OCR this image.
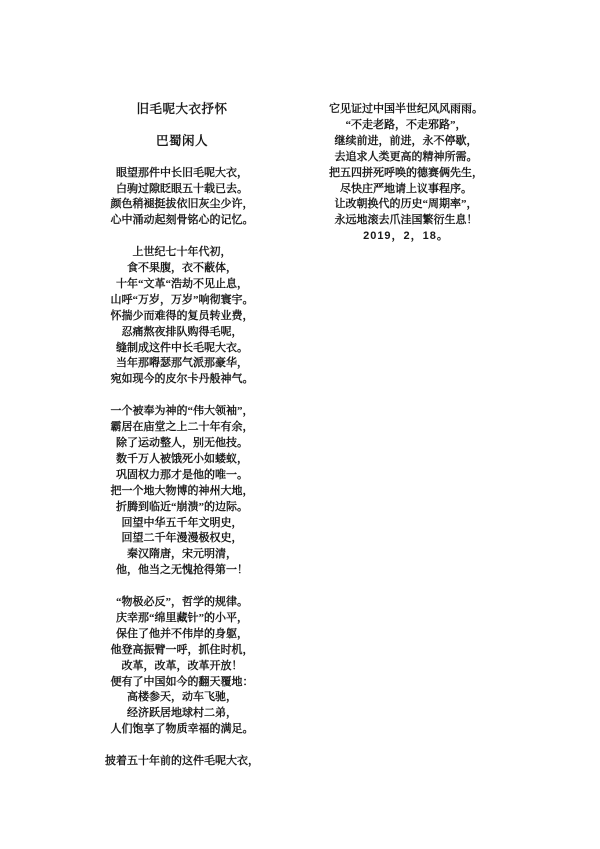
旧毛呢大衣抒怀
巴蜀闲人
眼望那件中长旧毛呢大衣，
白驹过隙眨眼五十载已去。
颜色稍褪挺拔依旧灰尘少许，
心中涌动起刻骨铭心的记忆。
上世纪七十年代初，
食不果腹，衣不蔽体，
十年“文革“浩劫不见止息，
山呼“万岁，万岁”响彻寰宇。
怀揣少而难得的复员转业费，
忍痛熬夜排队购得毛呢，
缝制成这件中长毛呢大衣。
当年那嘚瑟那气派那豪华，
宛如现今的皮尔卡丹般神气。
一个被奉为神的“伟大领袖”，
霸居在庙堂之上二十年有余，
除了运动整人，别无他技。
数千万人被饿死小如蝼蚁，
巩固权力那才是他的唯一。
把一个地大物博的神州大地，
折腾到临近“崩溃”的边际。
回望中华五千年文明史，
回望二千年漫漫极权史，
秦汉隋唐，宋元明清，
他，他当之无愧抢得第一！
“物极必反”，哲学的规律。
庆幸那“绵里藏针”的小平，
保住了他并不伟岸的身躯，
他登高振臂一呼，抓住时机，
改革，改革，改革开放！
便有了中国如今的翻天覆地：
高楼参天，动车飞驰，
经济跃居地球村二弟，
人们饱享了物质幸福的满足。
披着五十年前的这件毛呢大衣，
它见证过中国半世纪风风雨雨。
“不走老路，不走邪路”，
继续前进，前进，永不停歇，
去追求人类更高的精神所需。
把五四拼死呼唤的德赛俩先生，
尽快庄严地请上议事程序。
让改朝换代的历史“周期率”，
永远地滚去爪洼国繁衍生息！
2019，2，18。
